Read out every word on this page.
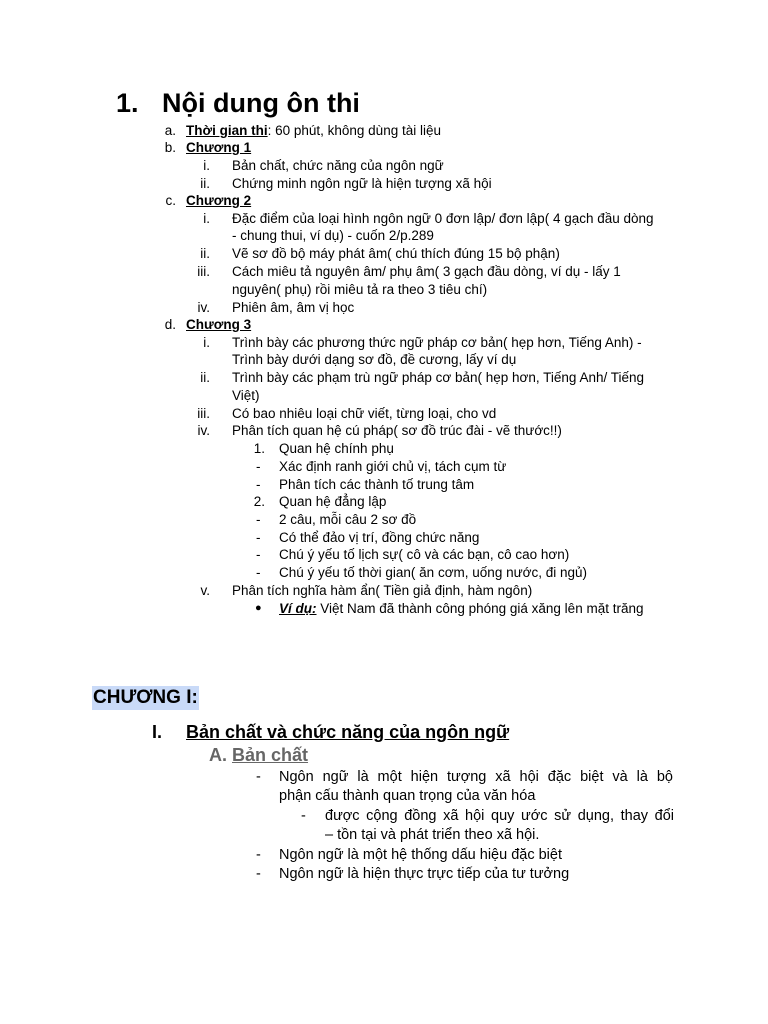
1. Nội dung ôn thi
a. Thời gian thi: 60 phút, không dùng tài liệu
b. Chương 1
i. Bản chất, chức năng của ngôn ngữ
ii. Chứng minh ngôn ngữ là hiện tượng xã hội
c. Chương 2
i. Đặc điểm của loại hình ngôn ngữ 0 đơn lập/ đơn lập( 4 gạch đầu dòng
- chung thui, ví dụ) - cuốn 2/p.289
ii. Vẽ sơ đồ bộ máy phát âm( chú thích đúng 15 bộ phận)
iii. Cách miêu tả nguyên âm/ phụ âm( 3 gạch đầu dòng, ví dụ - lấy 1
nguyên( phụ) rồi miêu tả ra theo 3 tiêu chí)
iv. Phiên âm, âm vị học
d. Chương 3
i. Trình bày các phương thức ngữ pháp cơ bản( hẹp hơn, Tiếng Anh) -
Trình bày dưới dạng sơ đồ, đề cương, lấy ví dụ
ii. Trình bày các phạm trù ngữ pháp cơ bản( hẹp hơn, Tiếng Anh/ Tiếng
Việt)
iii. Có bao nhiêu loại chữ viết, từng loại, cho vd
iv. Phân tích quan hệ cú pháp( sơ đồ trúc đài - vẽ thước!!)
1. Quan hệ chính phụ
- Xác định ranh giới chủ vị, tách cụm từ
- Phân tích các thành tố trung tâm
2. Quan hệ đẳng lập
- 2 câu, mỗi câu 2 sơ đồ
- Có thể đảo vị trí, đồng chức năng
- Chú ý yếu tố lịch sự( cô và các bạn, cô cao hơn)
- Chú ý yếu tố thời gian( ăn cơm, uống nước, đi ngủ)
v. Phân tích nghĩa hàm ẩn( Tiền giả định, hàm ngôn)
● Ví dụ: Việt Nam đã thành công phóng giá xăng lên mặt trăng
CHƯƠNG I:
I. Bản chất và chức năng của ngôn ngữ
A. Bản chất
- Ngôn ngữ là một hiện tượng xã hội đặc biệt và là bộ
phận cấu thành quan trọng của văn hóa
- được cộng đồng xã hội quy ước sử dụng, thay đổi
– tồn tại và phát triển theo xã hội.
- Ngôn ngữ là một hệ thống dấu hiệu đặc biệt
- Ngôn ngữ là hiện thực trực tiếp của tư tưởng
